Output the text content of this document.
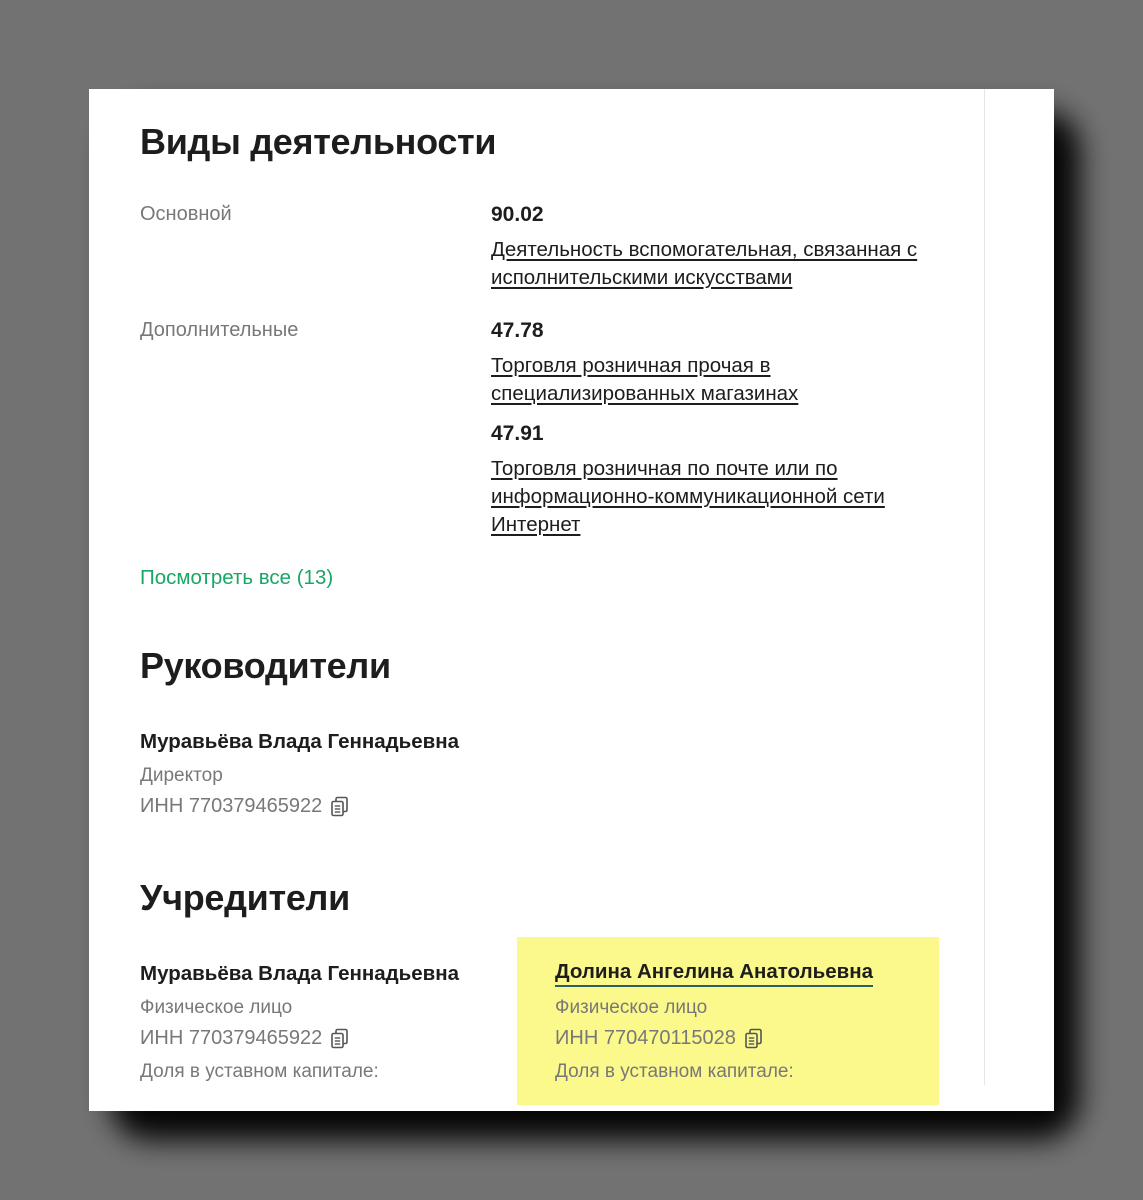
Виды деятельности
Основной	90.02
Деятельность вспомогательная, связанная с исполнительскими искусствами
Дополнительные	47.78
Торговля розничная прочая в специализированных магазинах
47.91
Торговля розничная по почте или по информационно-коммуникационной сети Интернет
Посмотреть все (13)
Руководители
Муравьёва Влада Геннадьевна
Директор
ИНН 770379465922
Учредители
Муравьёва Влада Геннадьевна
Физическое лицо
ИНН 770379465922
Доля в уставном капитале:
Долина Ангелина Анатольевна
Физическое лицо
ИНН 770470115028
Доля в уставном капитале:
